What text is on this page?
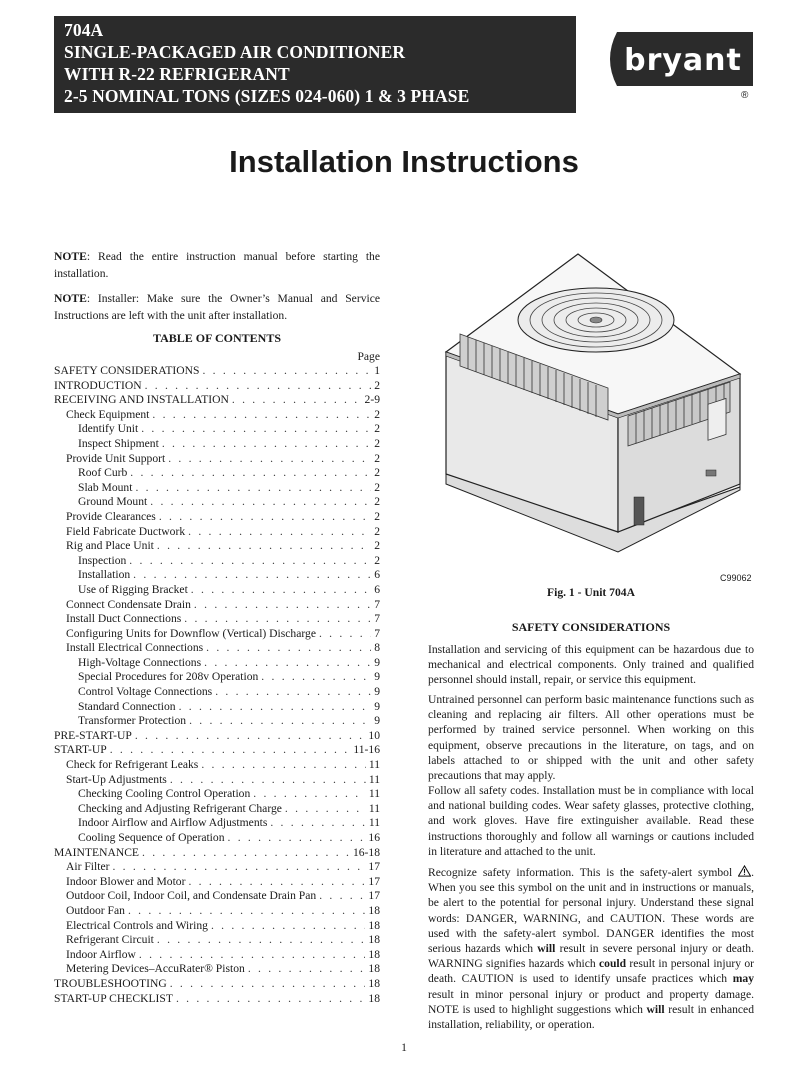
704A
SINGLE-PACKAGED AIR CONDITIONER
WITH R-22 REFRIGERANT
2-5 NOMINAL TONS (SIZES 024-060) 1 & 3 PHASE
bryant
®
Installation Instructions
NOTE: Read the entire instruction manual before starting the installation.
NOTE: Installer: Make sure the Owner’s Manual and Service Instructions are left with the unit after installation.
TABLE OF CONTENTS
Page
SAFETY CONSIDERATIONS . . .	1
INTRODUCTION . . .	2
RECEIVING AND INSTALLATION . . .	2-9
Check Equipment . . .	2
Identify Unit . . .	2
Inspect Shipment . . .	2
Provide Unit Support . . .	2
Roof Curb . . .	2
Slab Mount . . .	2
Ground Mount . . .	2
Provide Clearances . . .	2
Field Fabricate Ductwork . . .	2
Rig and Place Unit . . .	2
Inspection . . .	2
Installation . . .	6
Use of Rigging Bracket . . .	6
Connect Condensate Drain . . .	7
Install Duct Connections . . .	7
Configuring Units for Downflow (Vertical) Discharge . . .	7
Install Electrical Connections . . .	8
High-Voltage Connections . . .	9
Special Procedures for 208v Operation . . .	9
Control Voltage Connections . . .	9
Standard Connection . . .	9
Transformer Protection . . .	9
PRE-START-UP . . .	10
START-UP . . .	11-16
Check for Refrigerant Leaks . . .	11
Start-Up Adjustments . . .	11
Checking Cooling Control Operation . . .	11
Checking and Adjusting Refrigerant Charge . . .	11
Indoor Airflow and Airflow Adjustments . . .	11
Cooling Sequence of Operation . . .	16
MAINTENANCE . . .	16-18
Air Filter . . .	17
Indoor Blower and Motor . . .	17
Outdoor Coil, Indoor Coil, and Condensate Drain Pan . . .	17
Outdoor Fan . . .	18
Electrical Controls and Wiring . . .	18
Refrigerant Circuit . . .	18
Indoor Airflow . . .	18
Metering Devices–AccuRater® Piston . . .	18
TROUBLESHOOTING . . .	18
START-UP CHECKLIST . . .	18
C99062
Fig. 1 - Unit 704A
SAFETY CONSIDERATIONS
Installation and servicing of this equipment can be hazardous due to mechanical and electrical components. Only trained and qualified personnel should install, repair, or service this equipment.
Untrained personnel can perform basic maintenance functions such as cleaning and replacing air filters. All other operations must be performed by trained service personnel. When working on this equipment, observe precautions in the literature, on tags, and on labels attached to or shipped with the unit and other safety precautions that may apply.
Follow all safety codes. Installation must be in compliance with local and national building codes. Wear safety glasses, protective clothing, and work gloves. Have fire extinguisher available. Read these instructions thoroughly and follow all warnings or cautions included in literature and attached to the unit.
Recognize safety information. This is the safety-alert symbol . When you see this symbol on the unit and in instructions or manuals, be alert to the potential for personal injury. Understand these signal words: DANGER, WARNING, and CAUTION. These words are used with the safety-alert symbol. DANGER identifies the most serious hazards which will result in severe personal injury or death. WARNING signifies hazards which could result in personal injury or death. CAUTION is used to identify unsafe practices which may result in minor personal injury or product and property damage. NOTE is used to highlight suggestions which will result in enhanced installation, reliability, or operation.
1
